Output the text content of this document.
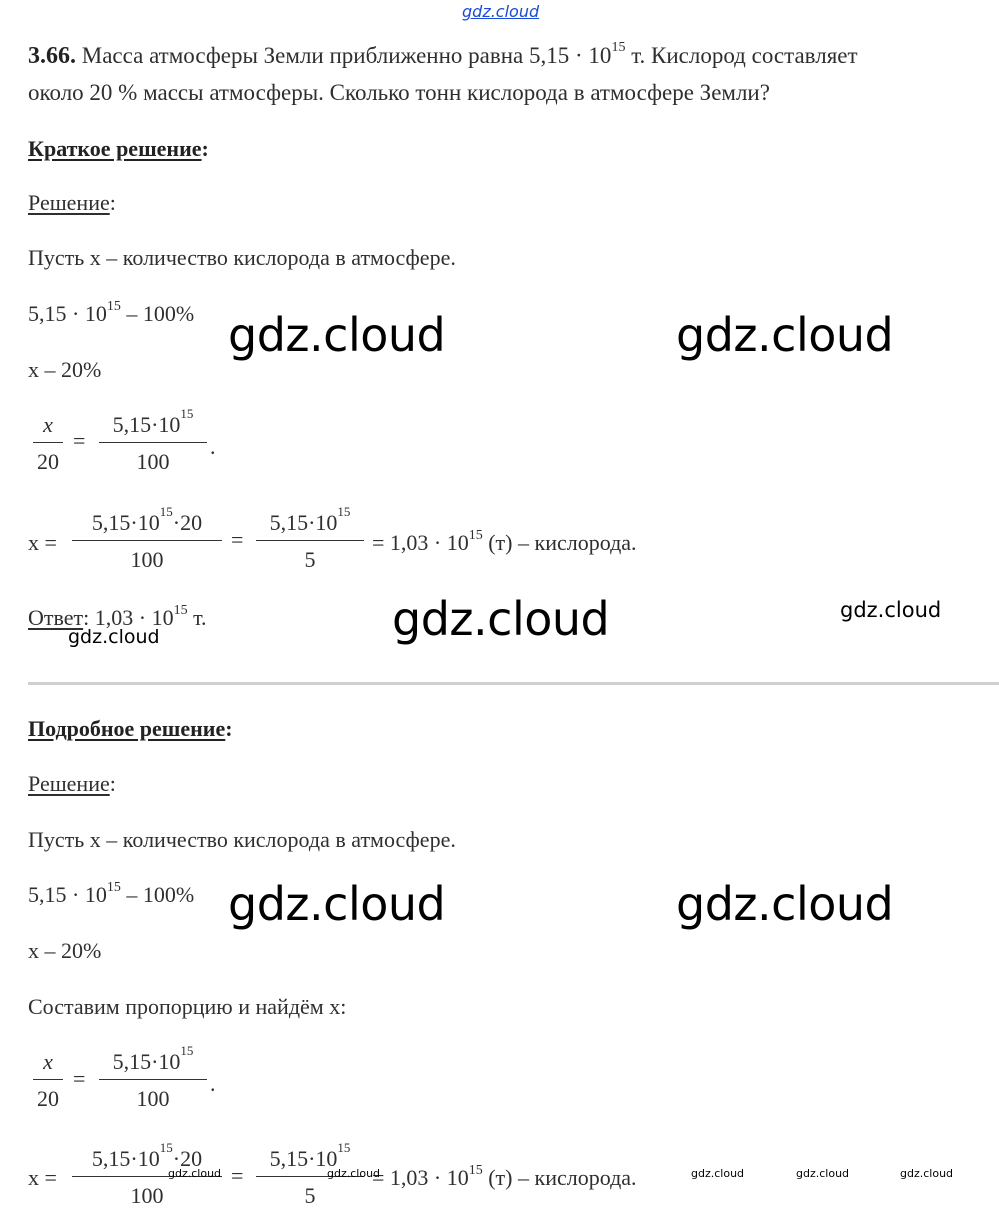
gdz.cloud
3.66. Масса атмосферы Земли приближенно равна $5,15 \cdot 10^{15}$ т. Кислород составляет
около 20 % массы атмосферы. Сколько тонн кислорода в атмосфере Земли?
Краткое решение:
Решение:
Пусть х – количество кислорода в атмосфере.
$5,15 \cdot 10^{15} - 100\%$
х – 20%
x
20
=
$5,15\cdot 10^{15}$
100
.
х =
$5,15\cdot 10^{15}\cdot 20$
100
=
$5,15\cdot 10^{15}$
5
= $1,03 \cdot 10^{15}$ (т) – кислорода.
Ответ: $1,03 \cdot 10^{15}$ т.
Подробное решение:
Решение:
Пусть х – количество кислорода в атмосфере.
$5,15 \cdot 10^{15} - 100\%$
х – 20%
Составим пропорцию и найдём х:
x
20
=
$5,15\cdot 10^{15}$
100
.
х =
$5,15\cdot 10^{15}\cdot 20$
100
=
$5,15\cdot 10^{15}$
5
= $1,03 \cdot 10^{15}$ (т) – кислорода.
gdz.cloud	gdz.cloud
gdz.cloud	gdz.cloud
gdz.cloud
gdz.cloud	gdz.cloud
gdz.cloud	gdz.cloud	gdz.cloud	gdz.cloud	gdz.cloud
